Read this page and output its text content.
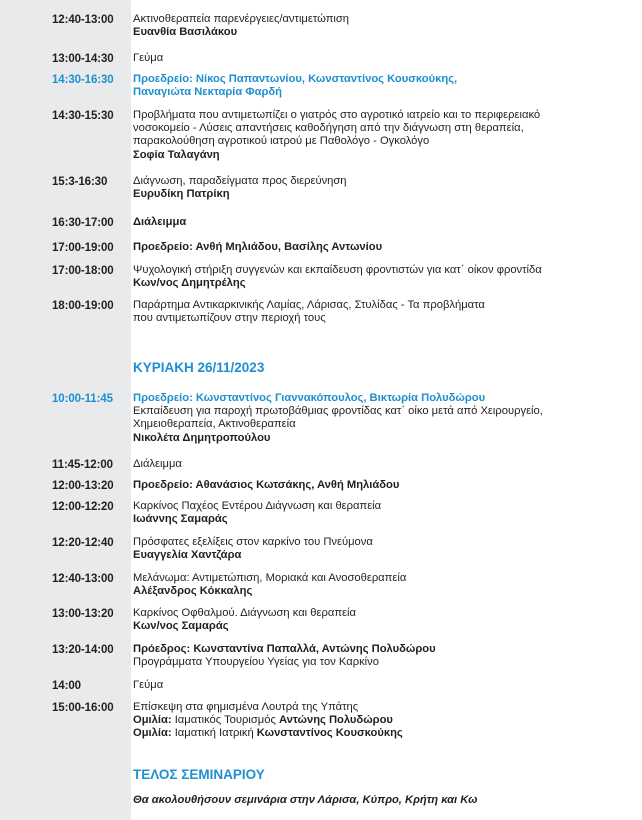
12:40-13:00 Ακτινοθεραπεία παρενέργειες/αντιμετώπιση
Ευανθία Βασιλάκου
13:00-14:30 Γεύμα
14:30-16:30 Προεδρείο: Νίκος Παπαντωνίου, Κωνσταντίνος Κουσκούκης,
Παναγιώτα Νεκταρία Φαρδή
14:30-15:30 Προβλήματα που αντιμετωπίζει ο γιατρός στο αγροτικό ιατρείο και το περιφερειακό
νοσοκομείο - Λύσεις απαντήσεις καθοδήγηση από την διάγνωση στη θεραπεία,
παρακολούθηση αγροτικού ιατρού με Παθολόγο - Ογκολόγο
Σοφία Ταλαγάνη
15:3-16:30 Διάγνωση, παραδείγματα προς διερεύνηση
Ευρυδίκη Πατρίκη
16:30-17:00 Διάλειμμα
17:00-19:00 Προεδρείο: Ανθή Μηλιάδου, Βασίλης Αντωνίου
17:00-18:00 Ψυχολογική στήριξη συγγενών και εκπαίδευση φροντιστών για κατ΄ οίκον φροντίδα
Κων/νος Δημητρέλης
18:00-19:00 Παράρτημα Αντικαρκινικής Λαμίας, Λάρισας, Στυλίδας - Τα προβλήματα
που αντιμετωπίζουν στην περιοχή τους
ΚΥΡΙΑΚΗ 26/11/2023
10:00-11:45 Προεδρείο: Κωνσταντίνος Γιαννακόπουλος, Βικτωρία Πολυδώρου
Εκπαίδευση για παροχή πρωτοβάθμιας φροντίδας κατ΄ οίκο μετά από Χειρουργείο,
Χημειοθεραπεία, Ακτινοθεραπεία
Νικολέτα Δημητροπούλου
11:45-12:00 Διάλειμμα
12:00-13:20 Προεδρείο: Αθανάσιος Κωτσάκης, Ανθή Μηλιάδου
12:00-12:20 Καρκίνος Παχέος Εντέρου Διάγνωση και θεραπεία
Ιωάννης Σαμαράς
12:20-12:40 Πρόσφατες εξελίξεις στον καρκίνο του Πνεύμονα
Ευαγγελία Χαντζάρα
12:40-13:00 Μελάνωμα: Αντιμετώπιση, Μοριακά και Ανοσοθεραπεία
Αλέξανδρος Κόκκαλης
13:00-13:20 Καρκίνος Οφθαλμού. Διάγνωση και θεραπεία
Κων/νος Σαμαράς
13:20-14:00 Πρόεδρος: Κωνσταντίνα Παπαλλά, Αντώνης Πολυδώρου
Προγράμματα Υπουργείου Υγείας για τον Καρκίνο
14:00	Γεύμα
15:00-16:00 Επίσκεψη στα φημισμένα Λουτρά της Υπάτης
Ομιλία: Ιαματικός Τουρισμός Αντώνης Πολυδώρου
Ομιλία: Ιαματική Ιατρική Κωνσταντίνος Κουσκούκης
ΤΕΛΟΣ ΣΕΜΙΝΑΡΙΟΥ
Θα ακολουθήσουν σεμινάρια στην Λάρισα, Κύπρο, Κρήτη και Κω
